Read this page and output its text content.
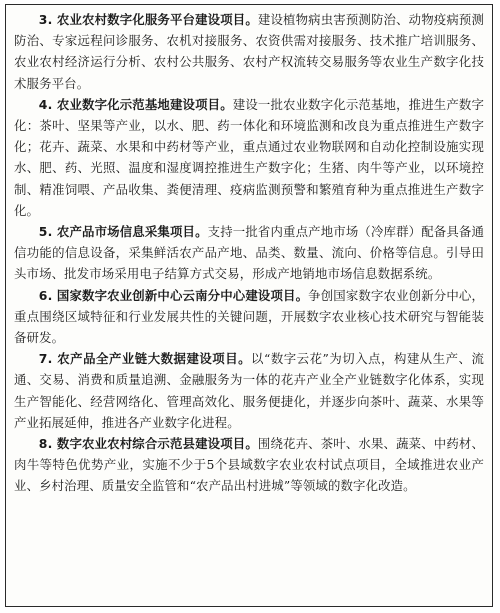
3. 农业农村数字化服务平台建设项目。建设植物病虫害预测防治、动物疫病预测防治、专家远程问诊服务、农机对接服务、农资供需对接服务、技术推广培训服务、农业农村经济运行分析、农村公共服务、农村产权流转交易服务等农业生产数字化技术服务平台。

4. 农业数字化示范基地建设项目。建设一批农业数字化示范基地，推进生产数字化：茶叶、坚果等产业，以水、肥、药一体化和环境监测和改良为重点推进生产数字化；花卉、蔬菜、水果和中药材等产业，重点通过农业物联网和自动化控制设施实现水、肥、药、光照、温度和湿度调控推进生产数字化；生猪、肉牛等产业，以环境控制、精准饲喂、产品收集、粪便清理、疫病监测预警和繁殖育种为重点推进生产数字化。

5. 农产品市场信息采集项目。支持一批省内重点产地市场（冷库群）配备具备通信功能的信息设备，采集鲜活农产品产地、品类、数量、流向、价格等信息。引导田头市场、批发市场采用电子结算方式交易，形成产地销地市场信息数据系统。

6. 国家数字农业创新中心云南分中心建设项目。争创国家数字农业创新分中心，重点围绕区域特征和行业发展共性的关键问题，开展数字农业核心技术研究与智能装备研发。

7. 农产品全产业链大数据建设项目。以“数字云花”为切入点，构建从生产、流通、交易、消费和质量追溯、金融服务为一体的花卉产业全产业链数字化体系，实现生产智能化、经营网络化、管理高效化、服务便捷化，并逐步向茶叶、蔬菜、水果等产业拓展延伸，推进各产业数字化进程。

8. 数字农业农村综合示范县建设项目。围绕花卉、茶叶、水果、蔬菜、中药材、肉牛等特色优势产业，实施不少于5个县域数字农业农村试点项目，全域推进农业产业、乡村治理、质量安全监管和“农产品出村进城”等领域的数字化改造。
